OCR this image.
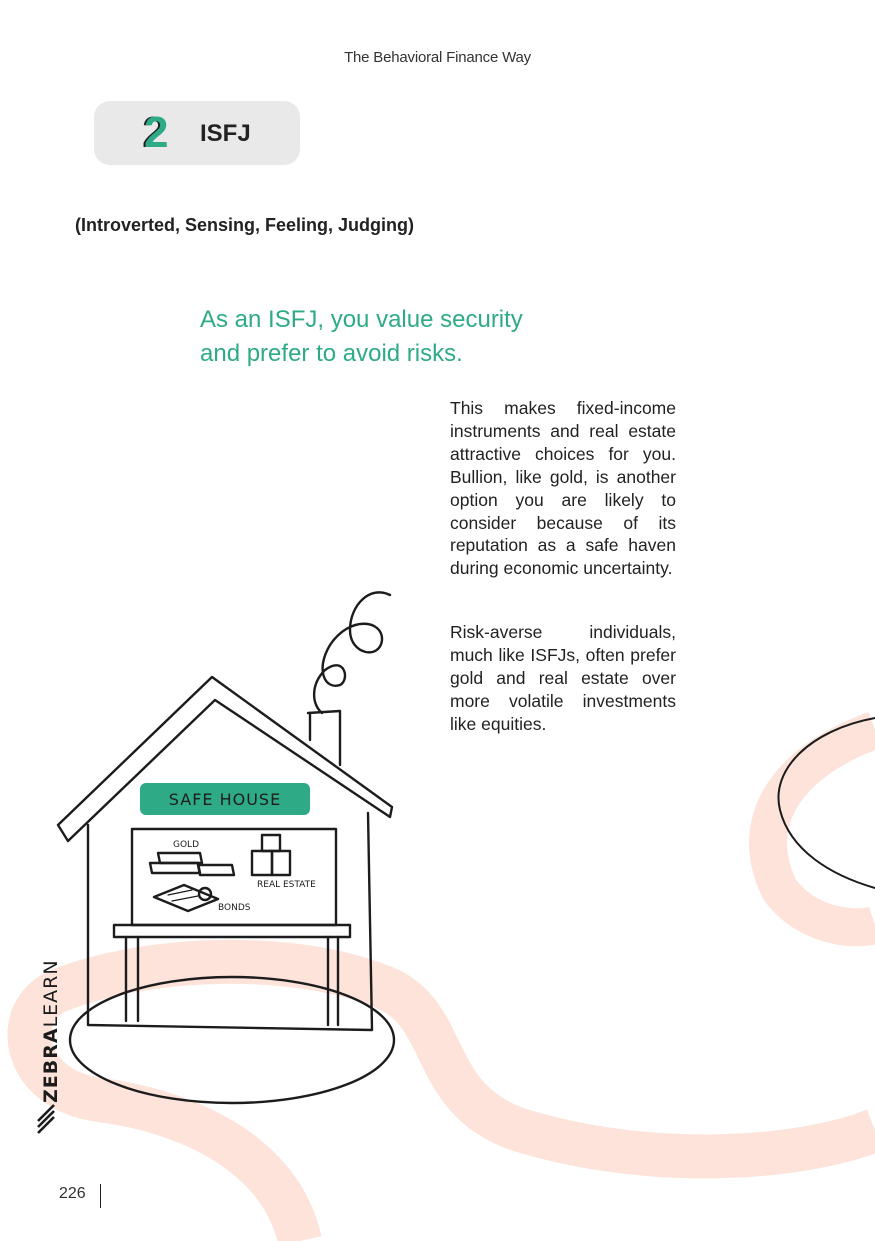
The Behavioral Finance Way
2 ISFJ
(Introverted, Sensing, Feeling, Judging)
As an ISFJ, you value security and prefer to avoid risks.
This makes fixed-income instruments and real estate attractive choices for you. Bullion, like gold, is another option you are likely to consider because of its reputation as a safe haven during economic uncertainty.
Risk-averse individuals, much like ISFJs, often prefer gold and real estate over more volatile investments like equities.
SAFE HOUSE
GOLD
REAL ESTATE
BONDS
ZEBRALEARN
226
